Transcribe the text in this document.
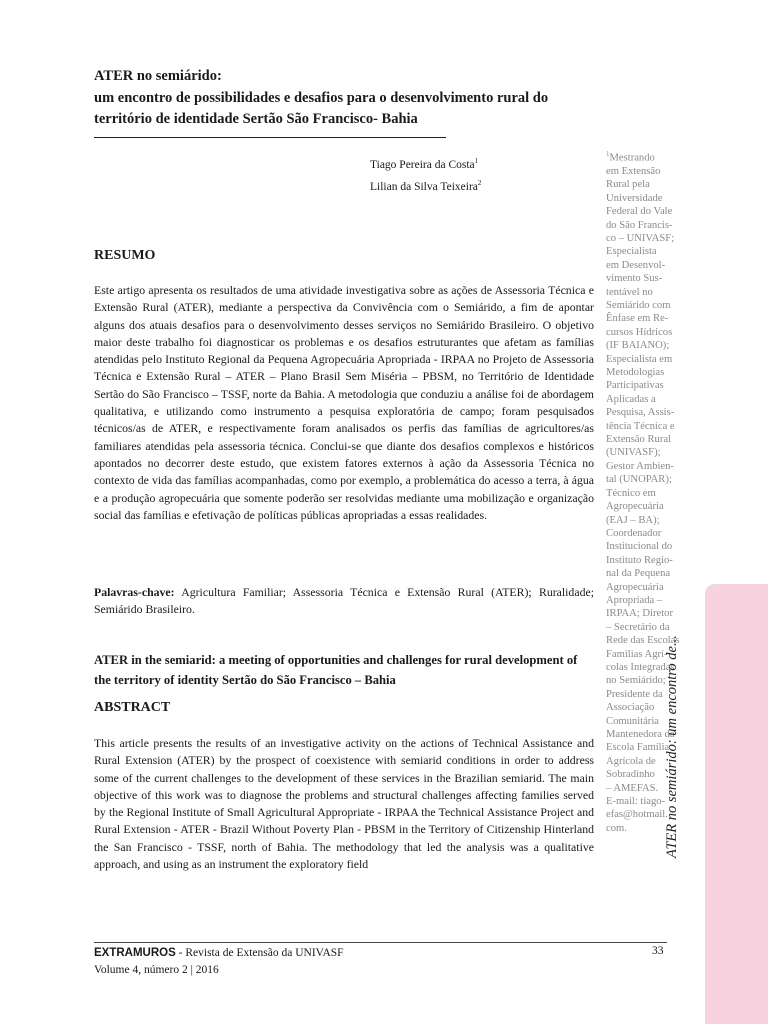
ATER no semiárido:
um encontro de possibilidades e desafios para o desenvolvimento rural do
território de identidade Sertão São Francisco- Bahia
Tiago Pereira da Costa$^1$
Lilian da Silva Teixeira$^2$
$^1$Mestrando
em Extensão
Rural pela
Universidade
Federal do Vale
do São Francis-
co – UNIVASF;
Especialista
em Desenvol-
vimento Sus-
tentável no
Semiárido com
Ênfase em Re-
cursos Hídricos
(IF BAIANO);
Especialista em
Metodologias
Participativas
Aplicadas a
Pesquisa, Assis-
tência Técnica e
Extensão Rural
(UNIVASF);
Gestor Ambien-
tal (UNOPAR);
Técnico em
Agropecuária
(EAJ – BA);
Coordenador
Institucional do
Instituto Regio-
nal da Pequena
Agropecuária
Apropriada –
IRPAA; Diretor
– Secretário da
Rede das Escolas
Famílias Agrí-
colas Integradas
no Semiárido;
Presidente da
Associação
Comunitária
Mantenedora da
Escola Família
Agrícola de
Sobradinho
– AMEFAS.
E-mail: tiago-
efas@hotmail.
com.
RESUMO
Este artigo apresenta os resultados de uma atividade investigativa sobre as ações de Assessoria Técnica e Extensão Rural (ATER), mediante a perspectiva da Convivência com o Semiárido, a fim de apontar alguns dos atuais desafios para o desenvolvimento desses serviços no Semiárido Brasileiro. O objetivo maior deste trabalho foi diagnosticar os problemas e os desafios estruturantes que afetam as famílias atendidas pelo Instituto Regional da Pequena Agropecuária Apropriada - IRPAA no Projeto de Assessoria Técnica e Extensão Rural – ATER – Plano Brasil Sem Miséria – PBSM, no Território de Identidade Sertão do São Francisco – TSSF, norte da Bahia. A metodologia que conduziu a análise foi de abordagem qualitativa, e utilizando como instrumento a pesquisa exploratória de campo; foram pesquisados técnicos/as de ATER, e respectivamente foram analisados os perfis das famílias de agricultores/as familiares atendidas pela assessoria técnica. Conclui-se que diante dos desafios complexos e históricos apontados no decorrer deste estudo, que existem fatores externos à ação da Assessoria Técnica no contexto de vida das famílias acompanhadas, como por exemplo, a problemática do acesso a terra, à água e a produção agropecuária que somente poderão ser resolvidas mediante uma mobilização e organização social das famílias e efetivação de políticas públicas apropriadas a essas realidades.
Palavras-chave: Agricultura Familiar; Assessoria Técnica e Extensão Rural (ATER); Ruralidade; Semiárido Brasileiro.
ATER in the semiarid: a meeting of opportunities and challenges for rural development of the territory of identity Sertão do São Francisco – Bahia
ABSTRACT
This article presents the results of an investigative activity on the actions of Technical Assistance and Rural Extension (ATER) by the prospect of coexistence with semiarid conditions in order to address some of the current challenges to the development of these services in the Brazilian semiarid. The main objective of this work was to diagnose the problems and structural challenges affecting families served by the Regional Institute of Small Agricultural Appropriate - IRPAA the Technical Assistance Project and Rural Extension - ATER - Brazil Without Poverty Plan - PBSM in the Territory of Citizenship Hinterland the San Francisco - TSSF, north of Bahia. The methodology that led the analysis was a qualitative approach, and using as an instrument the exploratory field
ATER no semiárido: um encontro de...
EXTRAMUROS - Revista de Extensão da UNIVASF
Volume 4, número 2 | 2016
33
